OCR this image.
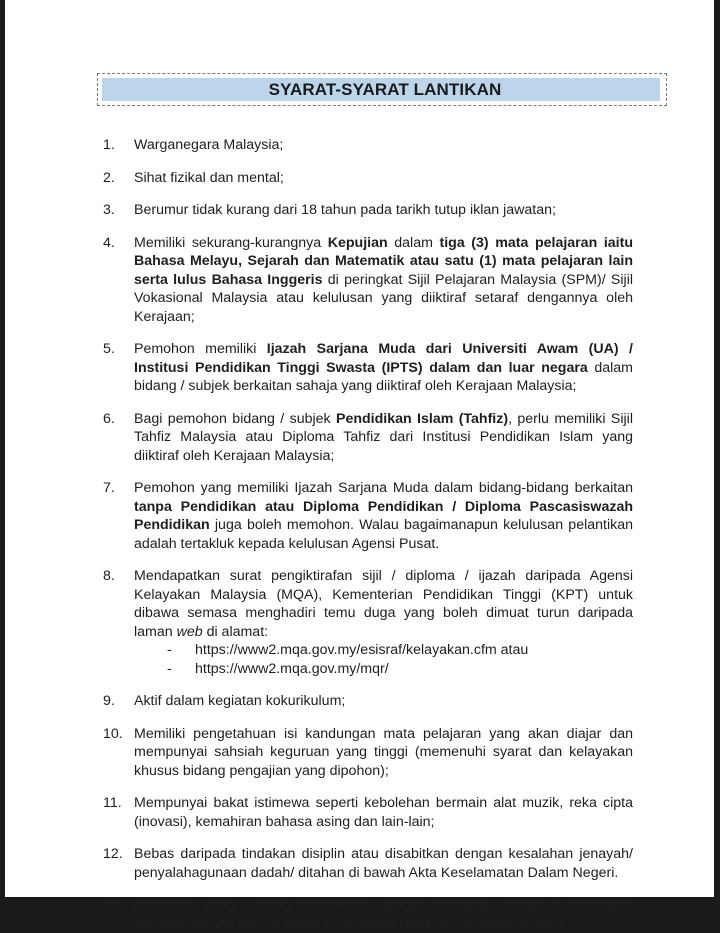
SYARAT-SYARAT LANTIKAN
1. Warganegara Malaysia;
2. Sihat fizikal dan mental;
3. Berumur tidak kurang dari 18 tahun pada tarikh tutup iklan jawatan;
4. Memiliki sekurang-kurangnya Kepujian dalam tiga (3) mata pelajaran iaitu Bahasa Melayu, Sejarah dan Matematik atau satu (1) mata pelajaran lain serta lulus Bahasa Inggeris di peringkat Sijil Pelajaran Malaysia (SPM)/ Sijil Vokasional Malaysia atau kelulusan yang diiktiraf setaraf dengannya oleh Kerajaan;
5. Pemohon memiliki Ijazah Sarjana Muda dari Universiti Awam (UA) / Institusi Pendidikan Tinggi Swasta (IPTS) dalam dan luar negara dalam bidang / subjek berkaitan sahaja yang diiktiraf oleh Kerajaan Malaysia;
6. Bagi pemohon bidang / subjek Pendidikan Islam (Tahfiz), perlu memiliki Sijil Tahfiz Malaysia atau Diploma Tahfiz dari Institusi Pendidikan Islam yang diiktiraf oleh Kerajaan Malaysia;
7. Pemohon yang memiliki Ijazah Sarjana Muda dalam bidang-bidang berkaitan tanpa Pendidikan atau Diploma Pendidikan / Diploma Pascasiswazah Pendidikan juga boleh memohon. Walau bagaimanapun kelulusan pelantikan adalah tertakluk kepada kelulusan Agensi Pusat.
8. Mendapatkan surat pengiktirafan sijil / diploma / ijazah daripada Agensi Kelayakan Malaysia (MQA), Kementerian Pendidikan Tinggi (KPT) untuk dibawa semasa menghadiri temu duga yang boleh dimuat turun daripada laman web di alamat:
- https://www2.mqa.gov.my/esisraf/kelayakan.cfm atau
- https://www2.mqa.gov.my/mqr/
9. Aktif dalam kegiatan kokurikulum;
10. Memiliki pengetahuan isi kandungan mata pelajaran yang akan diajar dan mempunyai sahsiah keguruan yang tinggi (memenuhi syarat dan kelayakan khusus bidang pengajian yang dipohon);
11. Mempunyai bakat istimewa seperti kebolehan bermain alat muzik, reka cipta (inovasi), kemahiran bahasa asing dan lain-lain;
12. Bebas daripada tindakan disiplin atau disabitkan dengan kesalahan jenayah/ penyalahagunaan dadah/ ditahan di bawah Akta Keselamatan Dalam Negeri.
13. Pemohon yang sedang berkhidmat dengan Kerajaan Malaysia hendaklah berumur kurang dari 54 tahun pada tarikh lantikan sekiranya berjaya.
